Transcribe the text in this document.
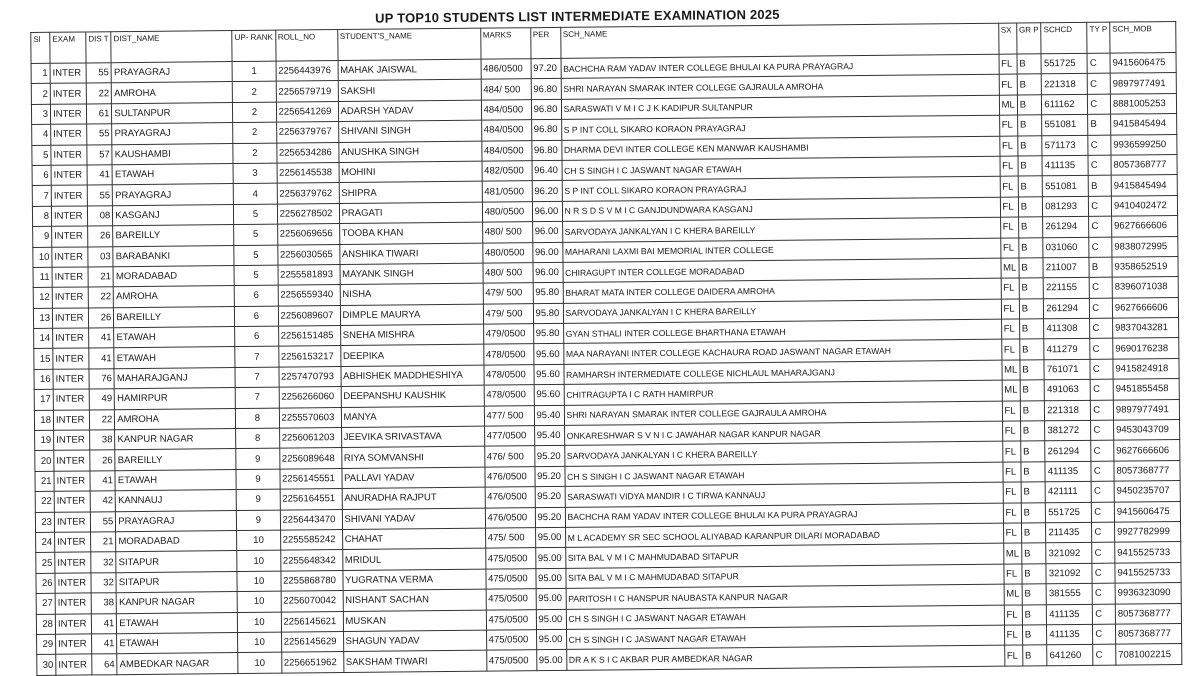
UP TOP10 STUDENTS LIST INTERMEDIATE EXAMINATION 2025
Sl	EXAM	DIS T	DIST_NAME	UP- RANK	ROLL_NO	STUDENT'S_NAME	MARKS	PER	SCH_NAME	SX	GR P	SCHCD	TY P	SCH_MOB
1	INTER	55	PRAYAGRAJ	1	2256443976	MAHAK JAISWAL	486/0500	97.20	BACHCHA RAM YADAV INTER COLLEGE BHULAI KA PURA PRAYAGRAJ	FL	B	551725	C	9415606475
2	INTER	22	AMROHA	2	2256579719	SAKSHI	484/ 500	96.80	SHRI NARAYAN SMARAK INTER COLLEGE GAJRAULA AMROHA	FL	B	221318	C	9897977491
3	INTER	61	SULTANPUR	2	2256541269	ADARSH YADAV	484/0500	96.80	SARASWATI V M I C J K KADIPUR SULTANPUR	ML	B	611162	C	8881005253
4	INTER	55	PRAYAGRAJ	2	2256379767	SHIVANI SINGH	484/0500	96.80	S P INT COLL SIKARO KORAON PRAYAGRAJ	FL	B	551081	B	9415845494
5	INTER	57	KAUSHAMBI	2	2256534286	ANUSHKA SINGH	484/0500	96.80	DHARMA DEVI INTER COLLEGE KEN MANWAR KAUSHAMBI	FL	B	571173	C	9936599250
6	INTER	41	ETAWAH	3	2256145538	MOHINI	482/0500	96.40	CH S SINGH I C JASWANT NAGAR ETAWAH	FL	B	411135	C	8057368777
7	INTER	55	PRAYAGRAJ	4	2256379762	SHIPRA	481/0500	96.20	S P INT COLL SIKARO KORAON PRAYAGRAJ	FL	B	551081	B	9415845494
8	INTER	08	KASGANJ	5	2256278502	PRAGATI	480/0500	96.00	N R S D S V M I C GANJDUNDWARA KASGANJ	FL	B	081293	C	9410402472
9	INTER	26	BAREILLY	5	2256069656	TOOBA KHAN	480/ 500	96.00	SARVODAYA JANKALYAN I C KHERA BAREILLY	FL	B	261294	C	9627666606
10	INTER	03	BARABANKI	5	2256030565	ANSHIKA TIWARI	480/0500	96.00	MAHARANI LAXMI BAI MEMORIAL INTER COLLEGE	FL	B	031060	C	9838072995
11	INTER	21	MORADABAD	5	2255581893	MAYANK SINGH	480/ 500	96.00	CHIRAGUPT INTER COLLEGE MORADABAD	ML	B	211007	B	9358652519
12	INTER	22	AMROHA	6	2256559340	NISHA	479/ 500	95.80	BHARAT MATA INTER COLLEGE DAIDERA AMROHA	FL	B	221155	C	8396071038
13	INTER	26	BAREILLY	6	2256089607	DIMPLE MAURYA	479/ 500	95.80	SARVODAYA JANKALYAN I C KHERA BAREILLY	FL	B	261294	C	9627666606
14	INTER	41	ETAWAH	6	2256151485	SNEHA MISHRA	479/0500	95.80	GYAN STHALI INTER COLLEGE BHARTHANA ETAWAH	FL	B	411308	C	9837043281
15	INTER	41	ETAWAH	7	2256153217	DEEPIKA	478/0500	95.60	MAA NARAYANI INTER COLLEGE KACHAURA ROAD JASWANT NAGAR ETAWAH	FL	B	411279	C	9690176238
16	INTER	76	MAHARAJGANJ	7	2257470793	ABHISHEK MADDHESHIYA	478/0500	95.60	RAMHARSH INTERMEDIATE COLLEGE NICHLAUL MAHARAJGANJ	ML	B	761071	C	9415824918
17	INTER	49	HAMIRPUR	7	2256266060	DEEPANSHU KAUSHIK	478/0500	95.60	CHITRAGUPTA I C RATH HAMIRPUR	ML	B	491063	C	9451855458
18	INTER	22	AMROHA	8	2255570603	MANYA	477/ 500	95.40	SHRI NARAYAN SMARAK INTER COLLEGE GAJRAULA AMROHA	FL	B	221318	C	9897977491
19	INTER	38	KANPUR NAGAR	8	2256061203	JEEVIKA SRIVASTAVA	477/0500	95.40	ONKARESHWAR S V N I C JAWAHAR NAGAR KANPUR NAGAR	FL	B	381272	C	9453043709
20	INTER	26	BAREILLY	9	2256089648	RIYA SOMVANSHI	476/ 500	95.20	SARVODAYA JANKALYAN I C KHERA BAREILLY	FL	B	261294	C	9627666606
21	INTER	41	ETAWAH	9	2256145551	PALLAVI YADAV	476/0500	95.20	CH S SINGH I C JASWANT NAGAR ETAWAH	FL	B	411135	C	8057368777
22	INTER	42	KANNAUJ	9	2256164551	ANURADHA RAJPUT	476/0500	95.20	SARASWATI VIDYA MANDIR I C TIRWA KANNAUJ	FL	B	421111	C	9450235707
23	INTER	55	PRAYAGRAJ	9	2256443470	SHIVANI YADAV	476/0500	95.20	BACHCHA RAM YADAV INTER COLLEGE BHULAI KA PURA PRAYAGRAJ	FL	B	551725	C	9415606475
24	INTER	21	MORADABAD	10	2255585242	CHAHAT	475/ 500	95.00	M L ACADEMY SR SEC SCHOOL ALIYABAD KARANPUR DILARI MORADABAD	FL	B	211435	C	9927782999
25	INTER	32	SITAPUR	10	2255648342	MRIDUL	475/0500	95.00	SITA BAL V M I C MAHMUDABAD SITAPUR	ML	B	321092	C	9415525733
26	INTER	32	SITAPUR	10	2255868780	YUGRATNA VERMA	475/0500	95.00	SITA BAL V M I C MAHMUDABAD SITAPUR	FL	B	321092	C	9415525733
27	INTER	38	KANPUR NAGAR	10	2256070042	NISHANT SACHAN	475/0500	95.00	PARITOSH I C HANSPUR NAUBASTA KANPUR NAGAR	ML	B	381555	C	9936323090
28	INTER	41	ETAWAH	10	2256145621	MUSKAN	475/0500	95.00	CH S SINGH I C JASWANT NAGAR ETAWAH	FL	B	411135	C	8057368777
29	INTER	41	ETAWAH	10	2256145629	SHAGUN YADAV	475/0500	95.00	CH S SINGH I C JASWANT NAGAR ETAWAH	FL	B	411135	C	8057368777
30	INTER	64	AMBEDKAR NAGAR	10	2256651962	SAKSHAM TIWARI	475/0500	95.00	DR A K S I C AKBAR PUR AMBEDKAR NAGAR	FL	B	641260	C	7081002215
